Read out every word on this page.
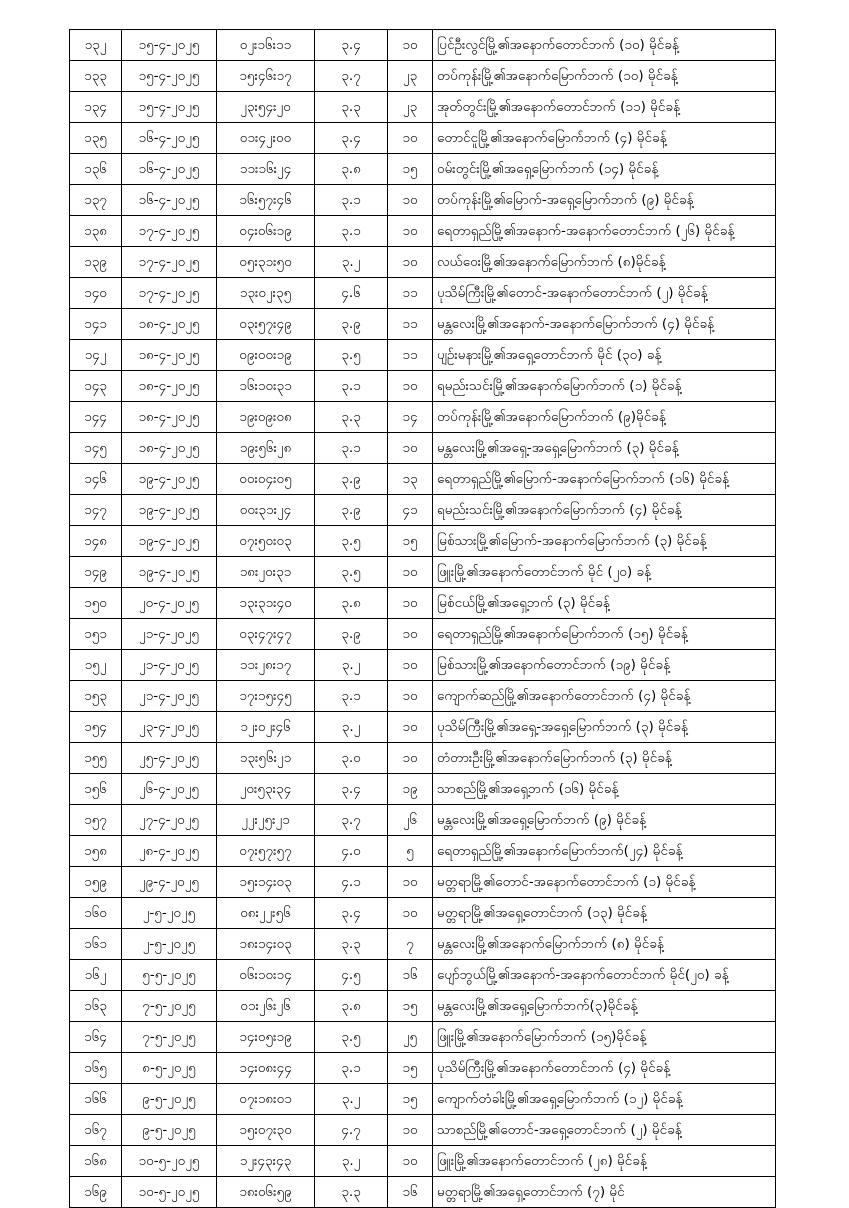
၁၃၂	၁၅-၄-၂၀၂၅	၀၂း၁၆း၁၁	၃.၄	၁၀	ပြင်ဦးလွင်မြို့၏အနောက်တောင်ဘက် (၁၀) မိုင်ခန့်
၁၃၃	၁၅-၄-၂၀၂၅	၁၅း၄၆း၁၇	၃.၇	၂၃	တပ်ကုန်းမြို့၏အနောက်မြောက်ဘက် (၁၀) မိုင်ခန့်
၁၃၄	၁၅-၄-၂၀၂၅	၂၃း၅၄း၂၀	၃.၃	၂၃	အုတ်တွင်းမြို့၏အနောက်တောင်ဘက် (၁၁) မိုင်ခန့်
၁၃၅	၁၆-၄-၂၀၂၅	၀၁း၄၂း၀၀	၃.၄	၁၀	တောင်ငူမြို့၏အနောက်မြောက်ဘက် (၄) မိုင်ခန့်
၁၃၆	၁၆-၄-၂၀၂၅	၁၁း၁၆း၂၄	၃.၈	၁၅	ဝမ်းတွင်းမြို့၏အရှေ့မြောက်ဘက် (၁၄) မိုင်ခန့်
၁၃၇	၁၆-၄-၂၀၂၅	၁၆း၅၇း၄၆	၃.၁	၁၀	တပ်ကုန်းမြို့၏မြောက်-အရှေ့မြောက်ဘက် (၉) မိုင်ခန့်
၁၃၈	၁၇-၄-၂၀၂၅	၀၄း၀၆း၁၉	၃.၁	၁၀	ရေတာရှည်မြို့၏အနောက်-အနောက်တောင်ဘက် (၂၆) မိုင်ခန့်
၁၃၉	၁၇-၄-၂၀၂၅	၀၅း၃၁း၅၀	၃.၂	၁၀	လယ်ဝေးမြို့၏အနောက်မြောက်ဘက် (၈)မိုင်ခန့်
၁၄၀	၁၇-၄-၂၀၂၅	၁၃း၀၂း၃၅	၄.၆	၁၁	ပုသိမ်ကြီးမြို့၏တောင်-အနောက်တောင်ဘက် (၂) မိုင်ခန့်
၁၄၁	၁၈-၄-၂၀၂၅	၀၃း၅၇း၄၉	၃.၉	၁၁	မန္တလေးမြို့၏အနောက်-အနောက်မြောက်ဘက် (၄) မိုင်ခန့်
၁၄၂	၁၈-၄-၂၀၂၅	၀၉း၀၀း၁၉	၃.၅	၁၁	ပျဉ်းမနားမြို့၏အရှေ့တောင်ဘက် မိုင် (၃၀) ခန့်
၁၄၃	၁၈-၄-၂၀၂၅	၁၆း၁၀း၃၁	၃.၁	၁၀	ရမည်းသင်းမြို့၏အနောက်မြောက်ဘက် (၁) မိုင်ခန့်
၁၄၄	၁၈-၄-၂၀၂၅	၁၉း၀၉း၀၈	၃.၃	၁၄	တပ်ကုန်းမြို့၏အနောက်မြောက်ဘက် (၉)မိုင်ခန့်
၁၄၅	၁၈-၄-၂၀၂၅	၁၉း၅၆း၂၈	၃.၁	၁၀	မန္တလေးမြို့၏အရှေ့-အရှေ့မြောက်ဘက် (၃) မိုင်ခန့်
၁၄၆	၁၉-၄-၂၀၂၅	၀၀း၀၄း၀၅	၃.၉	၁၃	ရေတာရှည်မြို့၏မြောက်-အနောက်မြောက်ဘက် (၁၆) မိုင်ခန့်
၁၄၇	၁၉-၄-၂၀၂၅	၀၀း၃၁း၂၄	၃.၉	၄၁	ရမည်းသင်းမြို့၏အနောက်မြောက်ဘက် (၄) မိုင်ခန့်
၁၄၈	၁၉-၄-၂၀၂၅	၀၇း၅၀း၀၃	၃.၅	၁၅	မြစ်သားမြို့၏မြောက်-အနောက်မြောက်ဘက် (၃) မိုင်ခန့်
၁၄၉	၁၉-၄-၂၀၂၅	၁၈း၂၀း၃၁	၃.၅	၁၀	ဖြူးမြို့၏အနောက်တောင်ဘက် မိုင် (၂၀) ခန့်
၁၅၀	၂၀-၄-၂၀၂၅	၁၃း၃၁း၄၀	၃.၈	၁၀	မြစ်ငယ်မြို့၏အရှေ့ဘက် (၃) မိုင်ခန့်
၁၅၁	၂၁-၄-၂၀၂၅	၀၃း၄၇း၄၇	၃.၉	၁၀	ရေတာရှည်မြို့၏အနောက်မြောက်ဘက် (၁၅) မိုင်ခန့်
၁၅၂	၂၁-၄-၂၀၂၅	၁၁း၂၈း၁၇	၃.၂	၁၀	မြစ်သားမြို့၏အနောက်တောင်ဘက် (၁၉) မိုင်ခန့်
၁၅၃	၂၁-၄-၂၀၂၅	၁၇း၁၅း၄၅	၃.၁	၁၀	ကျောက်ဆည်မြို့၏အနောက်တောင်ဘက် (၄) မိုင်ခန့်
၁၅၄	၂၃-၄-၂၀၂၅	၁၂း၀၂း၄၆	၃.၂	၁၀	ပုသိမ်ကြီးမြို့၏အရှေ့-အရှေ့မြောက်ဘက် (၃) မိုင်ခန့်
၁၅၅	၂၅-၄-၂၀၂၅	၁၃း၅၆း၂၁	၃.၀	၁၀	တံတားဦးမြို့၏အနောက်မြောက်ဘက် (၃) မိုင်ခန့်
၁၅၆	၂၆-၄-၂၀၂၅	၂၀း၅၃း၃၄	၃.၄	၁၉	သာစည်မြို့၏အရှေ့ဘက် (၁၆) မိုင်ခန့်
၁၅၇	၂၇-၄-၂၀၂၅	၂၂း၂၅း၂၁	၃.၇	၂၆	မန္တလေးမြို့၏အရှေ့မြောက်ဘက် (၉) မိုင်ခန့်
၁၅၈	၂၈-၄-၂၀၂၅	၀၇း၅၇း၅၇	၄.၀	၅	ရေတာရှည်မြို့၏အနောက်မြောက်ဘက်(၂၄) မိုင်ခန့်
၁၅၉	၂၉-၄-၂၀၂၅	၁၅း၁၄း၀၃	၄.၁	၁၀	မတ္တရာမြို့၏တောင်-အနောက်တောင်ဘက် (၁) မိုင်ခန့်
၁၆၀	၂-၅-၂၀၂၅	၀၈း၂၂း၅၆	၃.၄	၁၀	မတ္တရာမြို့၏အရှေ့တောင်ဘက် (၁၃) မိုင်ခန့်
၁၆၁	၂-၅-၂၀၂၅	၁၈း၁၄း၀၃	၃.၃	၇	မန္တလေးမြို့၏အနောက်မြောက်ဘက် (၈) မိုင်ခန့်
၁၆၂	၅-၅-၂၀၂၅	၀၆း၁၀း၁၄	၄.၅	၁၆	ပျော်ဘွယ်မြို့၏အနောက်-အနောက်တောင်ဘက် မိုင်(၂၀) ခန့်
၁၆၃	၇-၅-၂၀၂၅	၀၁း၂၆း၂၆	၃.၈	၁၅	မန္တလေးမြို့၏အရှေ့မြောက်ဘက်(၃)မိုင်ခန့်
၁၆၄	၇-၅-၂၀၂၅	၁၄း၀၅း၁၉	၃.၅	၂၅	ဖြူးမြို့၏အနောက်မြောက်ဘက် (၁၅)မိုင်ခန့်
၁၆၅	၈-၅-၂၀၂၅	၁၄း၀၈း၄၄	၃.၁	၁၅	ပုသိမ်ကြီးမြို့၏အနောက်တောင်ဘက် (၄) မိုင်ခန့်
၁၆၆	၉-၅-၂၀၂၅	၀၇း၁၈း၀၁	၃.၂	၁၅	ကျောက်တံခါးမြို့၏အရှေ့မြောက်ဘက် (၁၂) မိုင်ခန့်
၁၆၇	၉-၅-၂၀၂၅	၁၅း၀၇း၃၀	၄.၇	၁၀	သာစည်မြို့၏တောင်-အရှေ့တောင်ဘက် (၂) မိုင်ခန့်
၁၆၈	၁၀-၅-၂၀၂၅	၁၂း၄၃း၄၃	၃.၂	၁၀	ဖြူးမြို့၏အနောက်တောင်ဘက် (၂၈) မိုင်ခန့်
၁၆၉	၁၀-၅-၂၀၂၅	၁၈း၀၆း၅၉	၃.၃	၁၆	မတ္တရာမြို့၏အရှေ့တောင်ဘက် (၇) မိုင်
